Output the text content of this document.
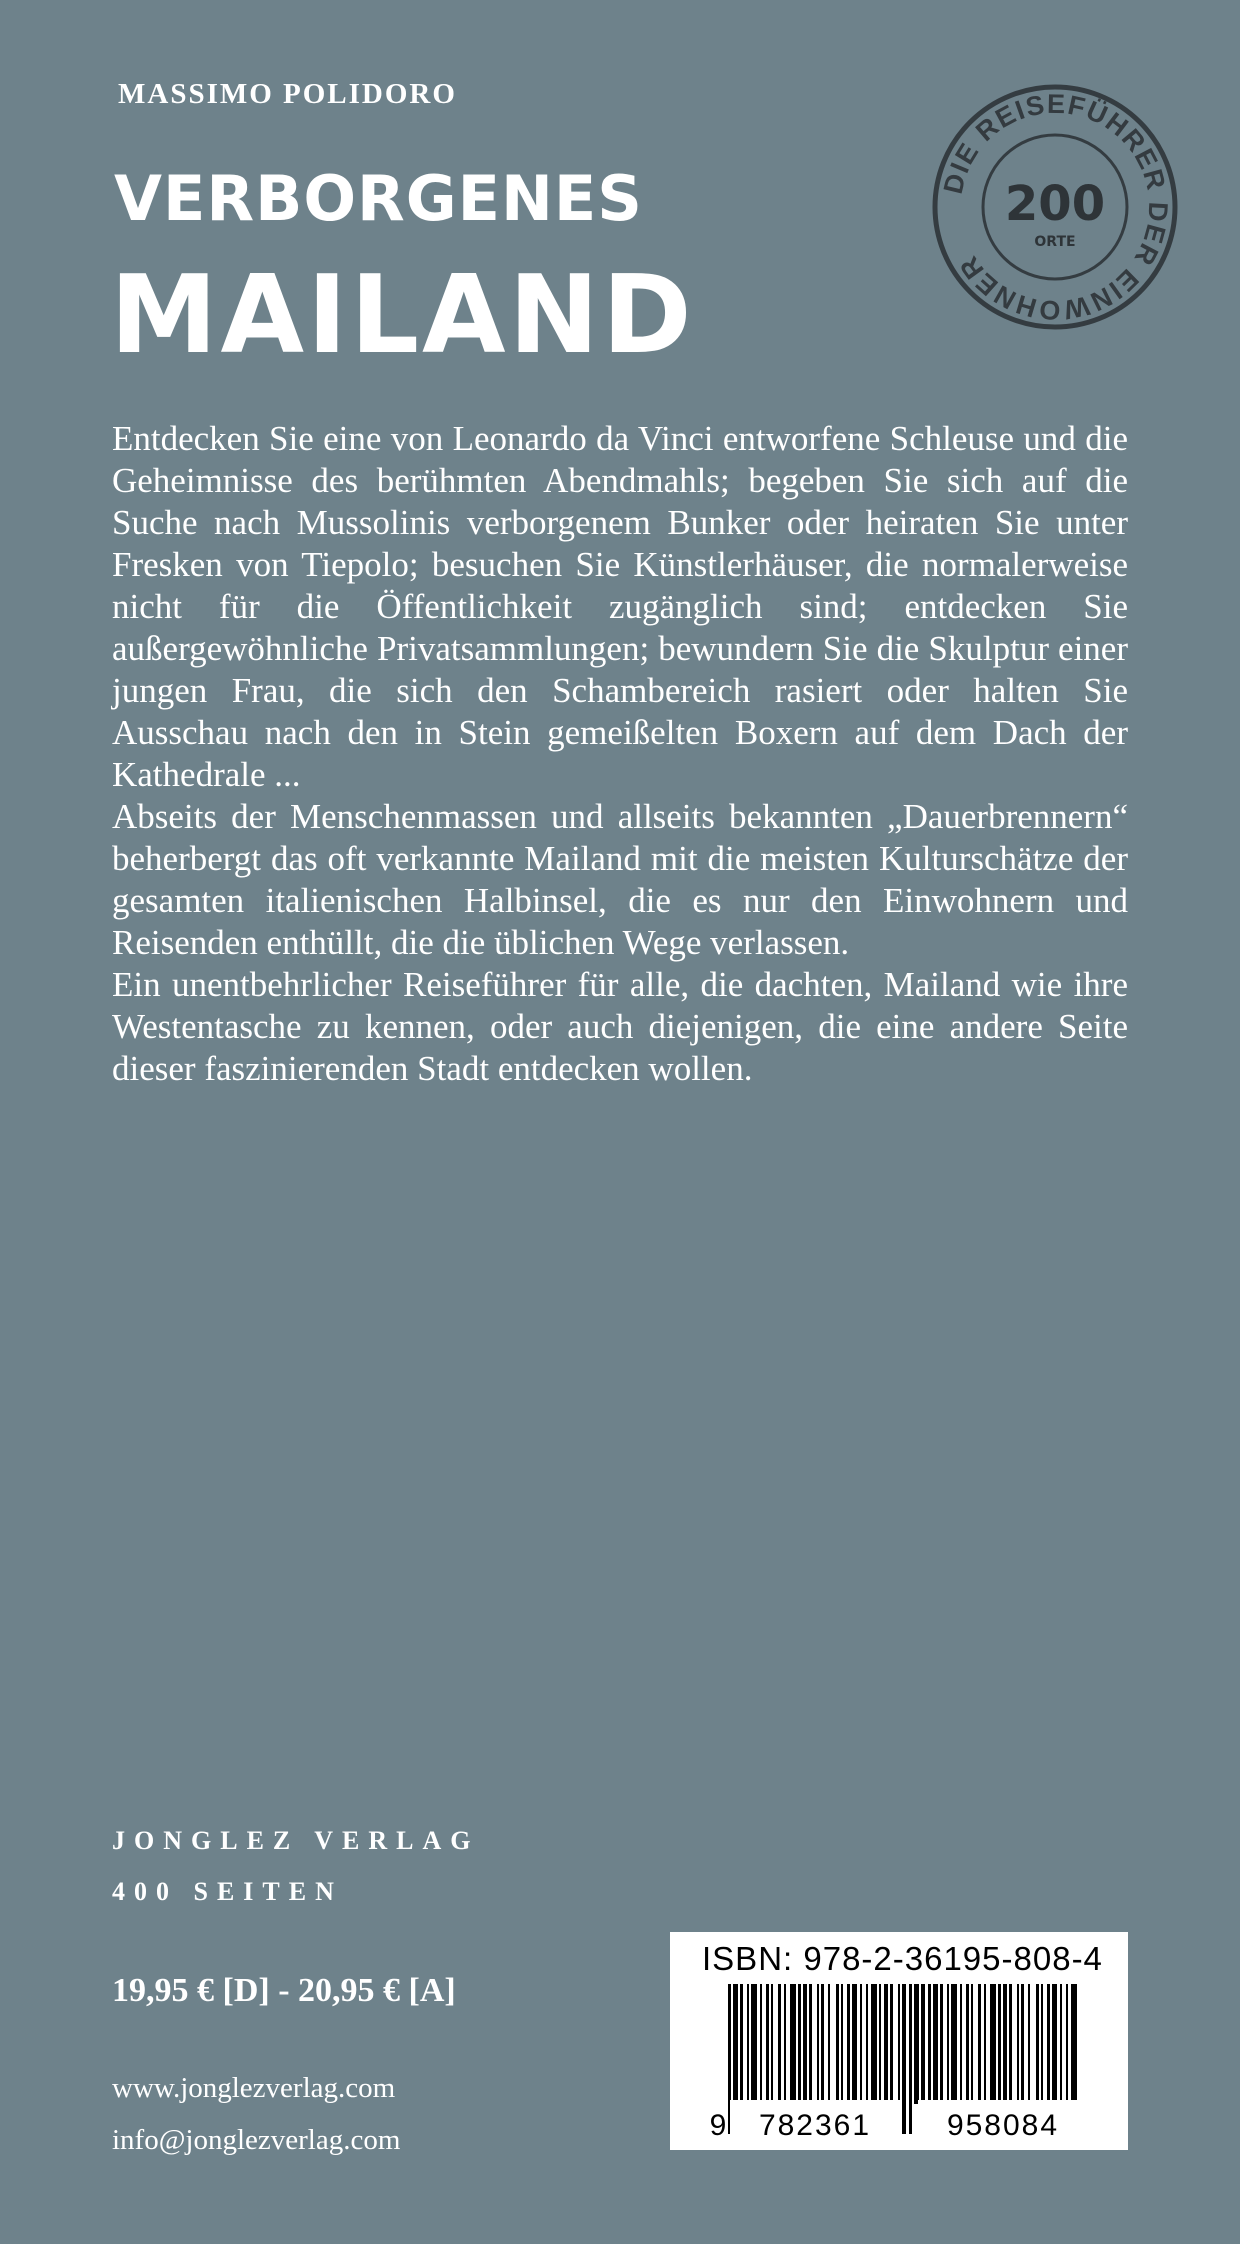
MASSIMO POLIDORO
VERBORGENES
MAILAND
DIE REISEFÜHRER DER EINWOHNER
200
ORTE

Entdecken Sie eine von Leonardo da Vinci entworfene Schleuse und die Geheimnisse des berühmten Abendmahls; begeben Sie sich auf die Suche nach Mussolinis verborgenem Bunker oder heiraten Sie unter Fresken von Tiepolo; besuchen Sie Künstlerhäuser, die normalerweise nicht für die Öffentlichkeit zugänglich sind; entdecken Sie außergewöhnliche Privatsammlungen; bewundern Sie die Skulptur einer jungen Frau, die sich den Schambereich rasiert oder halten Sie Ausschau nach den in Stein gemeißelten Boxern auf dem Dach der Kathedrale ...

Abseits der Menschenmassen und allseits bekannten „Dauerbrennern“ beherbergt das oft verkannte Mailand mit die meisten Kulturschätze der gesamten italienischen Halbinsel, die es nur den Einwohnern und Reisenden enthüllt, die die üblichen Wege verlassen.

Ein unentbehrlicher Reiseführer für alle, die dachten, Mailand wie ihre Westentasche zu kennen, oder auch diejenigen, die eine andere Seite dieser faszinierenden Stadt entdecken wollen.

JONGLEZ VERLAG

400 SEITEN

19,95 € [D] - 20,95 € [A]

www.jonglezverlag.com

info@jonglezverlag.com

ISBN: 978-2-36195-808-4

9 782361	958084
